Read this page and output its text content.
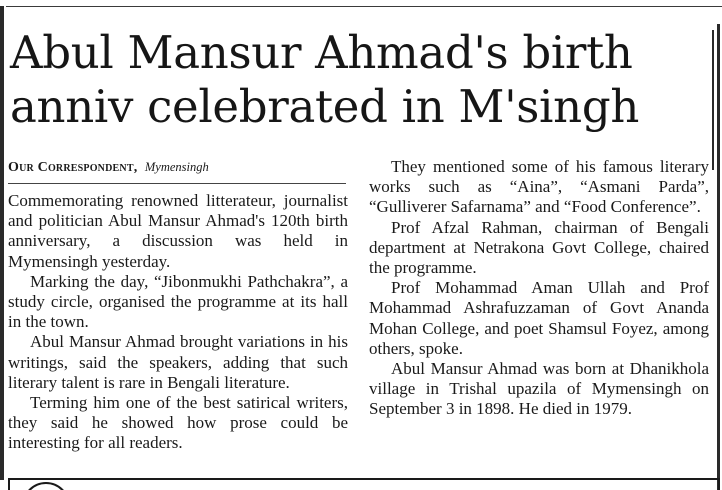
Abul Mansur Ahmad's birth
anniv celebrated in M'singh
Our Correspondent, Mymensingh

Commemorating renowned litterateur, journalist and politician Abul Mansur Ahmad's 120th birth anniversary, a discussion was held in Mymensingh yesterday.

Marking the day, “Jibonmukhi Pathchakra”, a study circle, organised the programme at its hall in the town.

Abul Mansur Ahmad brought variations in his writings, said the speakers, adding that such literary talent is rare in Bengali literature.

Terming him one of the best satirical writers, they said he showed how prose could be interesting for all readers.

They mentioned some of his famous literary works such as “Aina”, “Asmani Parda”, “Gulliverer Safarnama” and “Food Conference”.

Prof Afzal Rahman, chairman of Bengali department at Netrakona Govt College, chaired the programme.

Prof Mohammad Aman Ullah and Prof Mohammad Ashrafuzzaman of Govt Ananda Mohan College, and poet Shamsul Foyez, among others, spoke.

Abul Mansur Ahmad was born at Dhanikhola village in Trishal upazila of Mymensingh on September 3 in 1898. He died in 1979.
